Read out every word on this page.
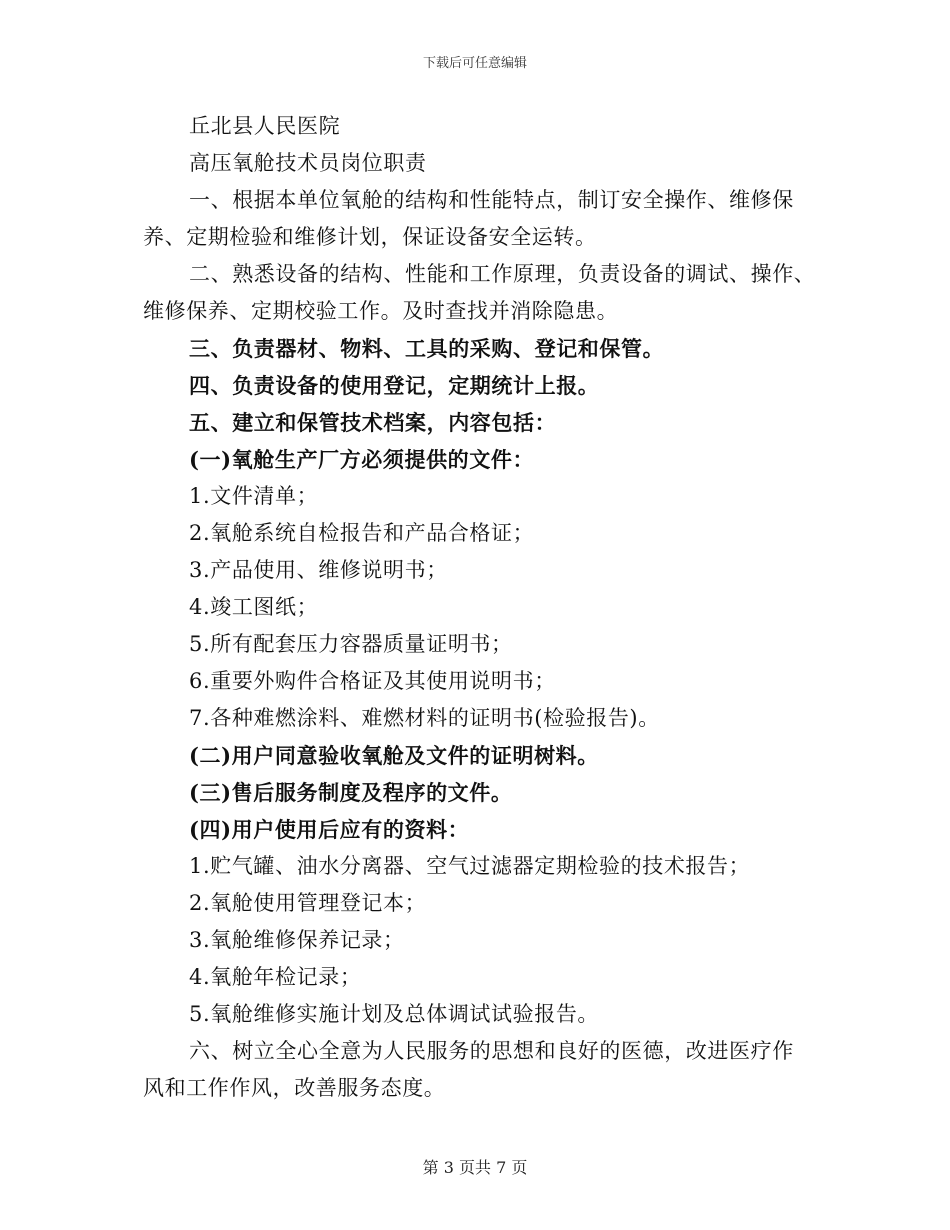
下载后可任意编辑
丘北县人民医院
高压氧舱技术员岗位职责
一、根据本单位氧舱的结构和性能特点，制订安全操作、维修保
养、定期检验和维修计划，保证设备安全运转。
二、熟悉设备的结构、性能和工作原理，负责设备的调试、操作、
维修保养、定期校验工作。及时查找并消除隐患。
三、负责器材、物料、工具的采购、登记和保管。
四、负责设备的使用登记，定期统计上报。
五、建立和保管技术档案，内容包括：
(一)氧舱生产厂方必须提供的文件：
1.文件清单；
2.氧舱系统自检报告和产品合格证；
3.产品使用、维修说明书；
4.竣工图纸；
5.所有配套压力容器质量证明书；
6.重要外购件合格证及其使用说明书；
7.各种难燃涂料、难燃材料的证明书(检验报告)。
(二)用户同意验收氧舱及文件的证明树料。
(三)售后服务制度及程序的文件。
(四)用户使用后应有的资料：
1.贮气罐、油水分离器、空气过滤器定期检验的技术报告；
2.氧舱使用管理登记本；
3.氧舱维修保养记录；
4.氧舱年检记录；
5.氧舱维修实施计划及总体调试试验报告。
六、树立全心全意为人民服务的思想和良好的医德，改进医疗作
风和工作作风，改善服务态度。
第 3 页共 7 页
